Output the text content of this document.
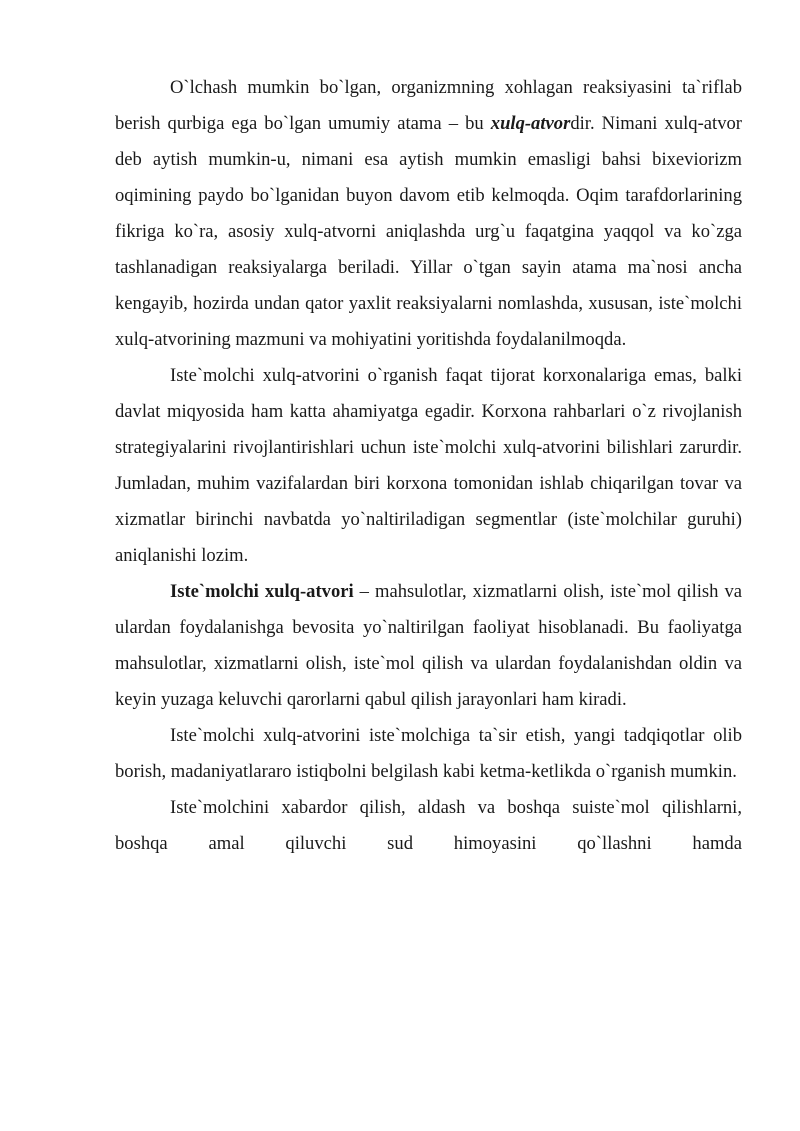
O`lchash mumkin bo`lgan, organizmning xohlagan reaksiyasini ta`riflab berish qurbiga ega bo`lgan umumiy atama – bu xulq-atvordir. Nimani xulq-atvor deb aytish mumkin-u, nimani esa aytish mumkin emasligi bahsi bixeviorizm oqimining paydo bo`lganidan buyon davom etib kelmoqda. Oqim tarafdorlarining fikriga ko`ra, asosiy xulq-atvorni aniqlashda urg`u faqatgina yaqqol va ko`zga tashlanadigan reaksiyalarga beriladi. Yillar o`tgan sayin atama ma`nosi ancha kengayib, hozirda undan qator yaxlit reaksiyalarni nomlashda, xususan, iste`molchi xulq-atvorining mazmuni va mohiyatini yoritishda foydalanilmoqda.

Iste`molchi xulq-atvorini o`rganish faqat tijorat korxonalariga emas, balki davlat miqyosida ham katta ahamiyatga egadir. Korxona rahbarlari o`z rivojlanish strategiyalarini rivojlantirishlari uchun iste`molchi xulq-atvorini bilishlari zarurdir. Jumladan, muhim vazifalardan biri korxona tomonidan ishlab chiqarilgan tovar va xizmatlar birinchi navbatda yo`naltiriladigan segmentlar (iste`molchilar guruhi) aniqlanishi lozim.

Iste`molchi xulq-atvori – mahsulotlar, xizmatlarni olish, iste`mol qilish va ulardan foydalanishga bevosita yo`naltirilgan faoliyat hisoblanadi. Bu faoliyatga mahsulotlar, xizmatlarni olish, iste`mol qilish va ulardan foydalanishdan oldin va keyin yuzaga keluvchi qarorlarni qabul qilish jarayonlari ham kiradi.

Iste`molchi xulq-atvorini iste`molchiga ta`sir etish, yangi tadqiqotlar olib borish, madaniyatlararo istiqbolni belgilash kabi ketma-ketlikda o`rganish mumkin.

Iste`molchini xabardor qilish, aldash va boshqa suiste`mol qilishlarni, boshqa amal qiluvchi sud himoyasini qo`llashni hamda
